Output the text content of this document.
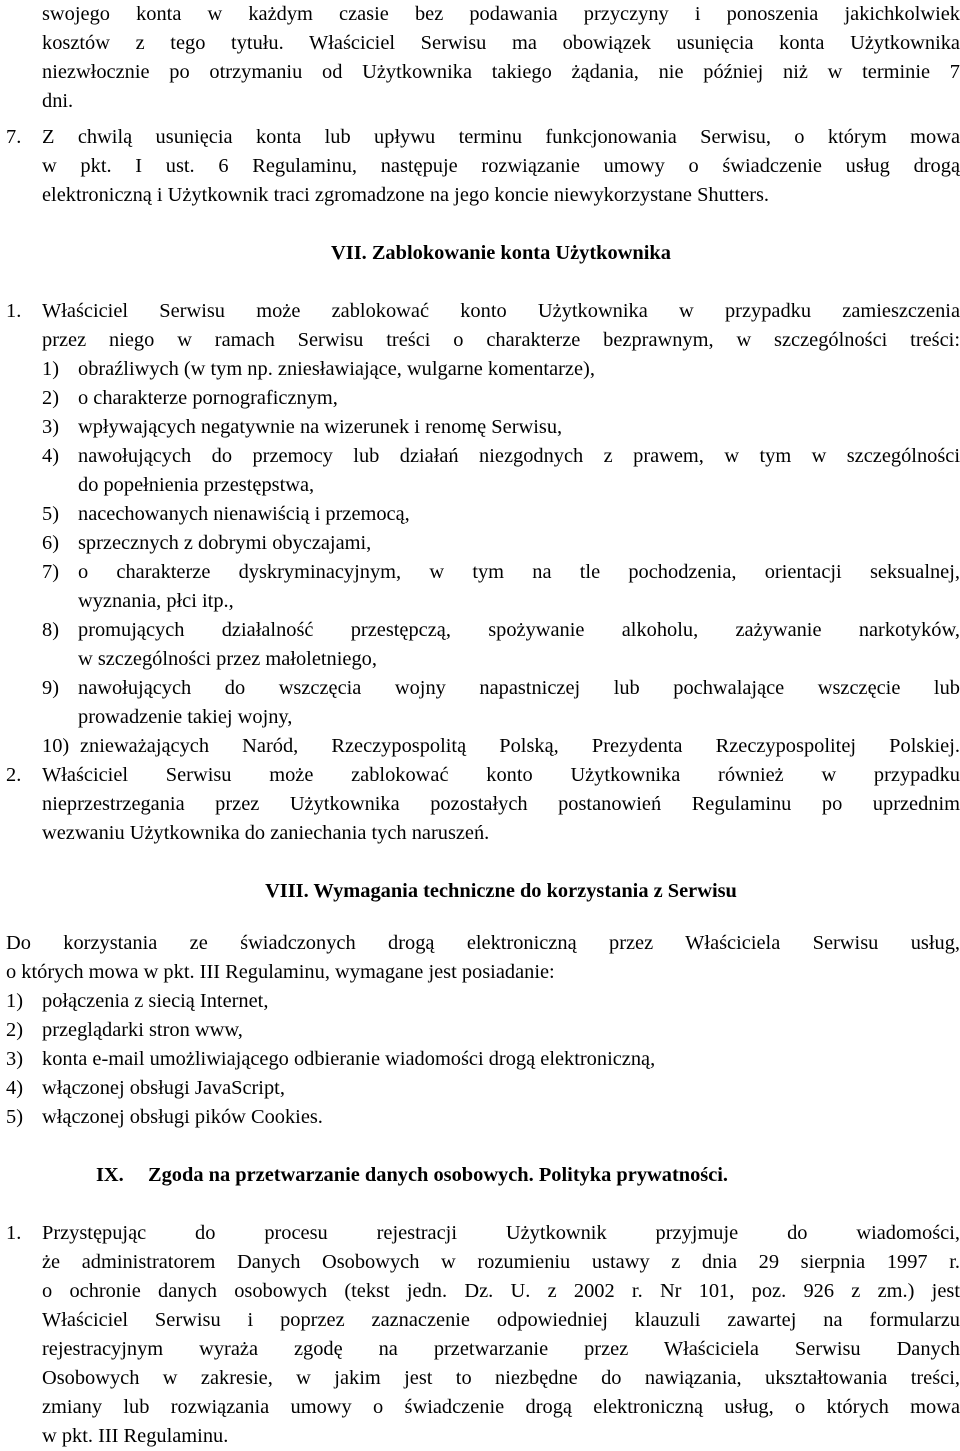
swojego konta w każdym czasie bez podawania przyczyny i ponoszenia jakichkolwiek
kosztów z tego tytułu. Właściciel Serwisu ma obowiązek usunięcia konta Użytkownika
niezwłocznie po otrzymaniu od Użytkownika takiego żądania, nie później niż w terminie 7
dni.
7.	Z chwilą usunięcia konta lub upływu terminu funkcjonowania Serwisu, o którym mowa
w pkt. I ust. 6 Regulaminu, następuje rozwiązanie umowy o świadczenie usług drogą
elektroniczną i Użytkownik traci zgromadzone na jego koncie niewykorzystane Shutters.
VII. Zablokowanie konta Użytkownika
1.	Właściciel Serwisu może zablokować konto Użytkownika w przypadku zamieszczenia
przez niego w ramach Serwisu treści o charakterze bezprawnym, w szczególności treści:
1) obraźliwych (w tym np. zniesławiające, wulgarne komentarze),
2) o charakterze pornograficznym,
3) wpływających negatywnie na wizerunek i renomę Serwisu,
4) nawołujących do przemocy lub działań niezgodnych z prawem, w tym w szczególności
do popełnienia przestępstwa,
5) nacechowanych nienawiścią i przemocą,
6) sprzecznych z dobrymi obyczajami,
7) o charakterze dyskryminacyjnym, w tym na tle pochodzenia, orientacji seksualnej,
wyznania, płci itp.,
8) promujących działalność przestępczą, spożywanie alkoholu, zażywanie narkotyków,
w szczególności przez małoletniego,
9) nawołujących do wszczęcia wojny napastniczej lub pochwalające wszczęcie lub
prowadzenie takiej wojny,
10) znieważających Naród, Rzeczypospolitą Polską, Prezydenta Rzeczypospolitej Polskiej.
2.	Właściciel Serwisu może zablokować konto Użytkownika również w przypadku
nieprzestrzegania przez Użytkownika pozostałych postanowień Regulaminu po uprzednim
wezwaniu Użytkownika do zaniechania tych naruszeń.
VIII. Wymagania techniczne do korzystania z Serwisu
Do korzystania ze świadczonych drogą elektroniczną przez Właściciela Serwisu usług,
o których mowa w pkt. III Regulaminu, wymagane jest posiadanie:
1) połączenia z siecią Internet,
2) przeglądarki stron www,
3) konta e-mail umożliwiającego odbieranie wiadomości drogą elektroniczną,
4) włączonej obsługi JavaScript,
5) włączonej obsługi pików Cookies.
IX.	Zgoda na przetwarzanie danych osobowych. Polityka prywatności.
1.	Przystępując do procesu rejestracji Użytkownik przyjmuje do wiadomości,
że administratorem Danych Osobowych w rozumieniu ustawy z dnia 29 sierpnia 1997 r.
o ochronie danych osobowych (tekst jedn. Dz. U. z 2002 r. Nr 101, poz. 926 z zm.) jest
Właściciel Serwisu i poprzez zaznaczenie odpowiedniej klauzuli zawartej na formularzu
rejestracyjnym wyraża zgodę na przetwarzanie przez Właściciela Serwisu Danych
Osobowych w zakresie, w jakim jest to niezbędne do nawiązania, ukształtowania treści,
zmiany lub rozwiązania umowy o świadczenie drogą elektroniczną usług, o których mowa
w pkt. III Regulaminu.
